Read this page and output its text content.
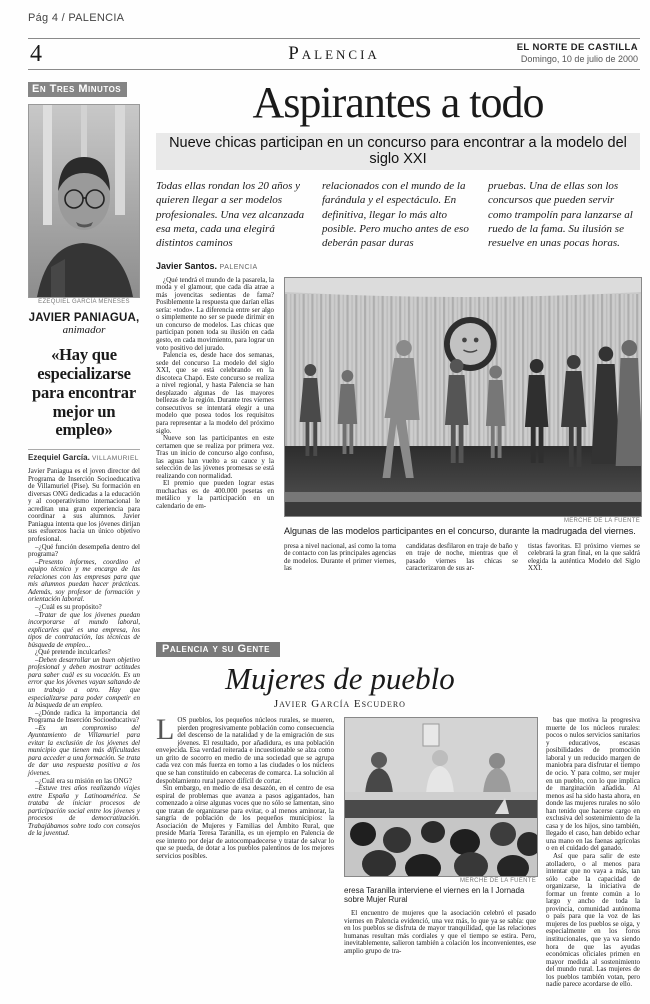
Pág 4 / PALENCIA
4	Palencia	EL NORTE DE CASTILLA
Domingo, 10 de julio de 2000
En Tres Minutos
EZEQUIEL GARCÍA MENESES
JAVIER PANIAGUA,
animador
«Hay que especializarse para encontrar mejor un empleo»
Ezequiel García. VILLAMURIEL

Javier Paniagua es el joven director del Programa de Inserción Socioeducativa de Villamuriel (Pise). Su formación en diversas ONG dedicadas a la educación y al cooperativismo internacional le acreditan una gran experiencia para coordinar a sus alumnos. Javier Paniagua intenta que los jóvenes dirijan sus esfuerzos hacia un único objetivo profesional.

–¿Qué función desempeña dentro del programa?

–Presento informes, coordino el equipo técnico y me encargo de las relaciones con las empresas para que mis alumnos puedan hacer prácticas. Además, soy profesor de formación y orientación laboral.

–¿Cuál es su propósito?

–Tratar de que los jóvenes puedan incorporarse al mundo laboral, explicarles qué es una empresa, los tipos de contratación, las técnicas de búsqueda de empleo...

¿Qué pretende inculcarles?

–Deben desarrollar un buen objetivo profesional y deben mostrar actitudes para saber cuál es su vocación. Es un error que los jóvenes vayan saltando de un trabajo a otro. Hay que especializarse para poder competir en la búsqueda de un empleo.

–¿Dónde radica la importancia del Programa de Inserción Socioeducativa?

–Es un compromiso del Ayuntamiento de Villamuriel para evitar la exclusión de los jóvenes del municipio que tienen más dificultades para acceder a una formación. Se trata de dar una respuesta positiva a los jóvenes.

–¿Cuál era su misión en las ONG?

–Estuve tres años realizando viajes entre España y Latinoamérica. Se trataba de iniciar procesos de participación social entre los jóvenes y procesos de democratización. Trabajábamos sobre todo con consejos de la juventud.

Aspirantes a todo
Nueve chicas participan en un concurso para encontrar a la modelo del siglo XXI
Todas ellas rondan los 20 años y quieren llegar a ser modelos profesionales. Una vez alcanzada esa meta, cada una elegirá distintos caminos
relacionados con el mundo de la farándula y el espectáculo. En definitiva, llegar lo más alto posible. Pero mucho antes de eso deberán pasar duras
pruebas. Una de ellas son los concursos que pueden servir como trampolín para lanzarse al ruedo de la fama. Su ilusión se resuelve en unas pocas horas.
Javier Santos. PALENCIA

¿Qué tendrá el mundo de la pasarela, la moda y el glamour, que cada día atrae a más jovencitas sedientas de fama? Posiblemente la respuesta que darían ellas sería: «todo». La diferencia entre ser algo o simplemente no ser se puede dirimir en un concurso de modelos. Las chicas que participan ponen toda su ilusión en cada gesto, en cada movimiento, para lograr un voto positivo del jurado.

Palencia es, desde hace dos semanas, sede del concurso La modelo del siglo XXI, que se está celebrando en la discoteca Chapó. Este concurso se realiza a nivel regional, y hasta Palencia se han desplazado algunas de las mayores bellezas de la región. Durante tres viernes consecutivos se intentará elegir a una modelo que posea todos los requisitos para representar a la modelo del próximo siglo.

Nueve son las participantes en este certamen que se realiza por primera vez. Tras un inicio de concurso algo confuso, las aguas han vuelto a su cauce y la selección de las jóvenes promesas se está realizando con normalidad.

El premio que pueden lograr estas muchachas es de 400.000 pesetas en metálico y la participación en un calendario de em-

MERCHE DE LA FUENTE
Algunas de las modelos participantes en el concurso, durante la madrugada del viernes.
presa a nivel nacional, así como la toma de contacto con las principales agencias de modelos. Durante el primer viernes, las
candidatas desfilaron en traje de baño y en traje de noche, mientras que el pasado viernes las chicas se caracterizaron de sus ar-
tistas favoritas. El próximo viernes se celebrará la gran final, en la que saldrá elegida la auténtica Modelo del Siglo XXI.
Palencia y su Gente
Mujeres de pueblo
Javier García Escudero

LOS pueblos, los pequeños núcleos rurales, se mueren, pierden progresivamente población como consecuencia del descenso de la natalidad y de la emigración de sus jóvenes. El resultado, por añadidura, es una población envejecida. Esa verdad reiterada e incuestionable se alza como un grito de socorro en medio de una sociedad que se agrupa cada vez con más fuerza en torno a las ciudades o los núcleos que se han constituido en cabeceras de comarca. La solución al despoblamiento rural parece difícil de cortar.

Sin embargo, en medio de esa desazón, en el centro de esa espiral de problemas que avanza a pasos agigantados, han comenzado a oírse algunas voces que no sólo se lamentan, sino que tratan de organizarse para evitar, o al menos aminorar, la sangría de población de los pequeños municipios: la Asociación de Mujeres y Familias del Ámbito Rural, que preside María Teresa Taranilla, es un ejemplo en Palencia de ese intento por dejar de autocompadecerse y tratar de salvar lo que se pueda, de dotar a los pueblos palentinos de los mejores servicios posibles.

MERCHE DE LA FUENTE
eresa Taranilla interviene el viernes en la I Jornada sobre Mujer Rural

El encuentro de mujeres que la asociación celebró el pasado viernes en Palencia evidenció, una vez más, lo que ya se sabía: que en los pueblos se disfruta de mayor tranquilidad, que las relaciones humanas resultan más cordiales y que el tiempo se estira. Pero, inevitablemente, salieron también a colación los inconvenientes, ese amplio grupo de tra-

bas que motiva la progresiva muerte de los núcleos rurales: pocos o nulos servicios sanitarios y educativos, escasas posibilidades de promoción laboral y un reducido margen de maniobra para disfrutar el tiempo de ocio. Y para colmo, ser mujer en un pueblo, con lo que implica de marginación añadida. Al menos así ha sido hasta ahora, en donde las mujeres rurales no sólo han tenido que hacerse cargo en exclusiva del sostenimiento de la casa y de los hijos, sino también, llegado el caso, han debido echar una mano en las faenas agrícolas o en el cuidado del ganado.

Así que para salir de este atolladero, o al menos para intentar que no vaya a más, tan sólo cabe la capacidad de organizarse, la iniciativa de formar un frente común a lo largo y ancho de toda la provincia, comunidad autónoma o país para que la voz de las mujeres de los pueblos se oiga, y especialmente en los foros institucionales, que ya va siendo hora de que las ayudas económicas oficiales primen en mayor medida al sostenimiento del mundo rural. Las mujeres de los pueblos también votan, pero nadie parece acordarse de ello.
